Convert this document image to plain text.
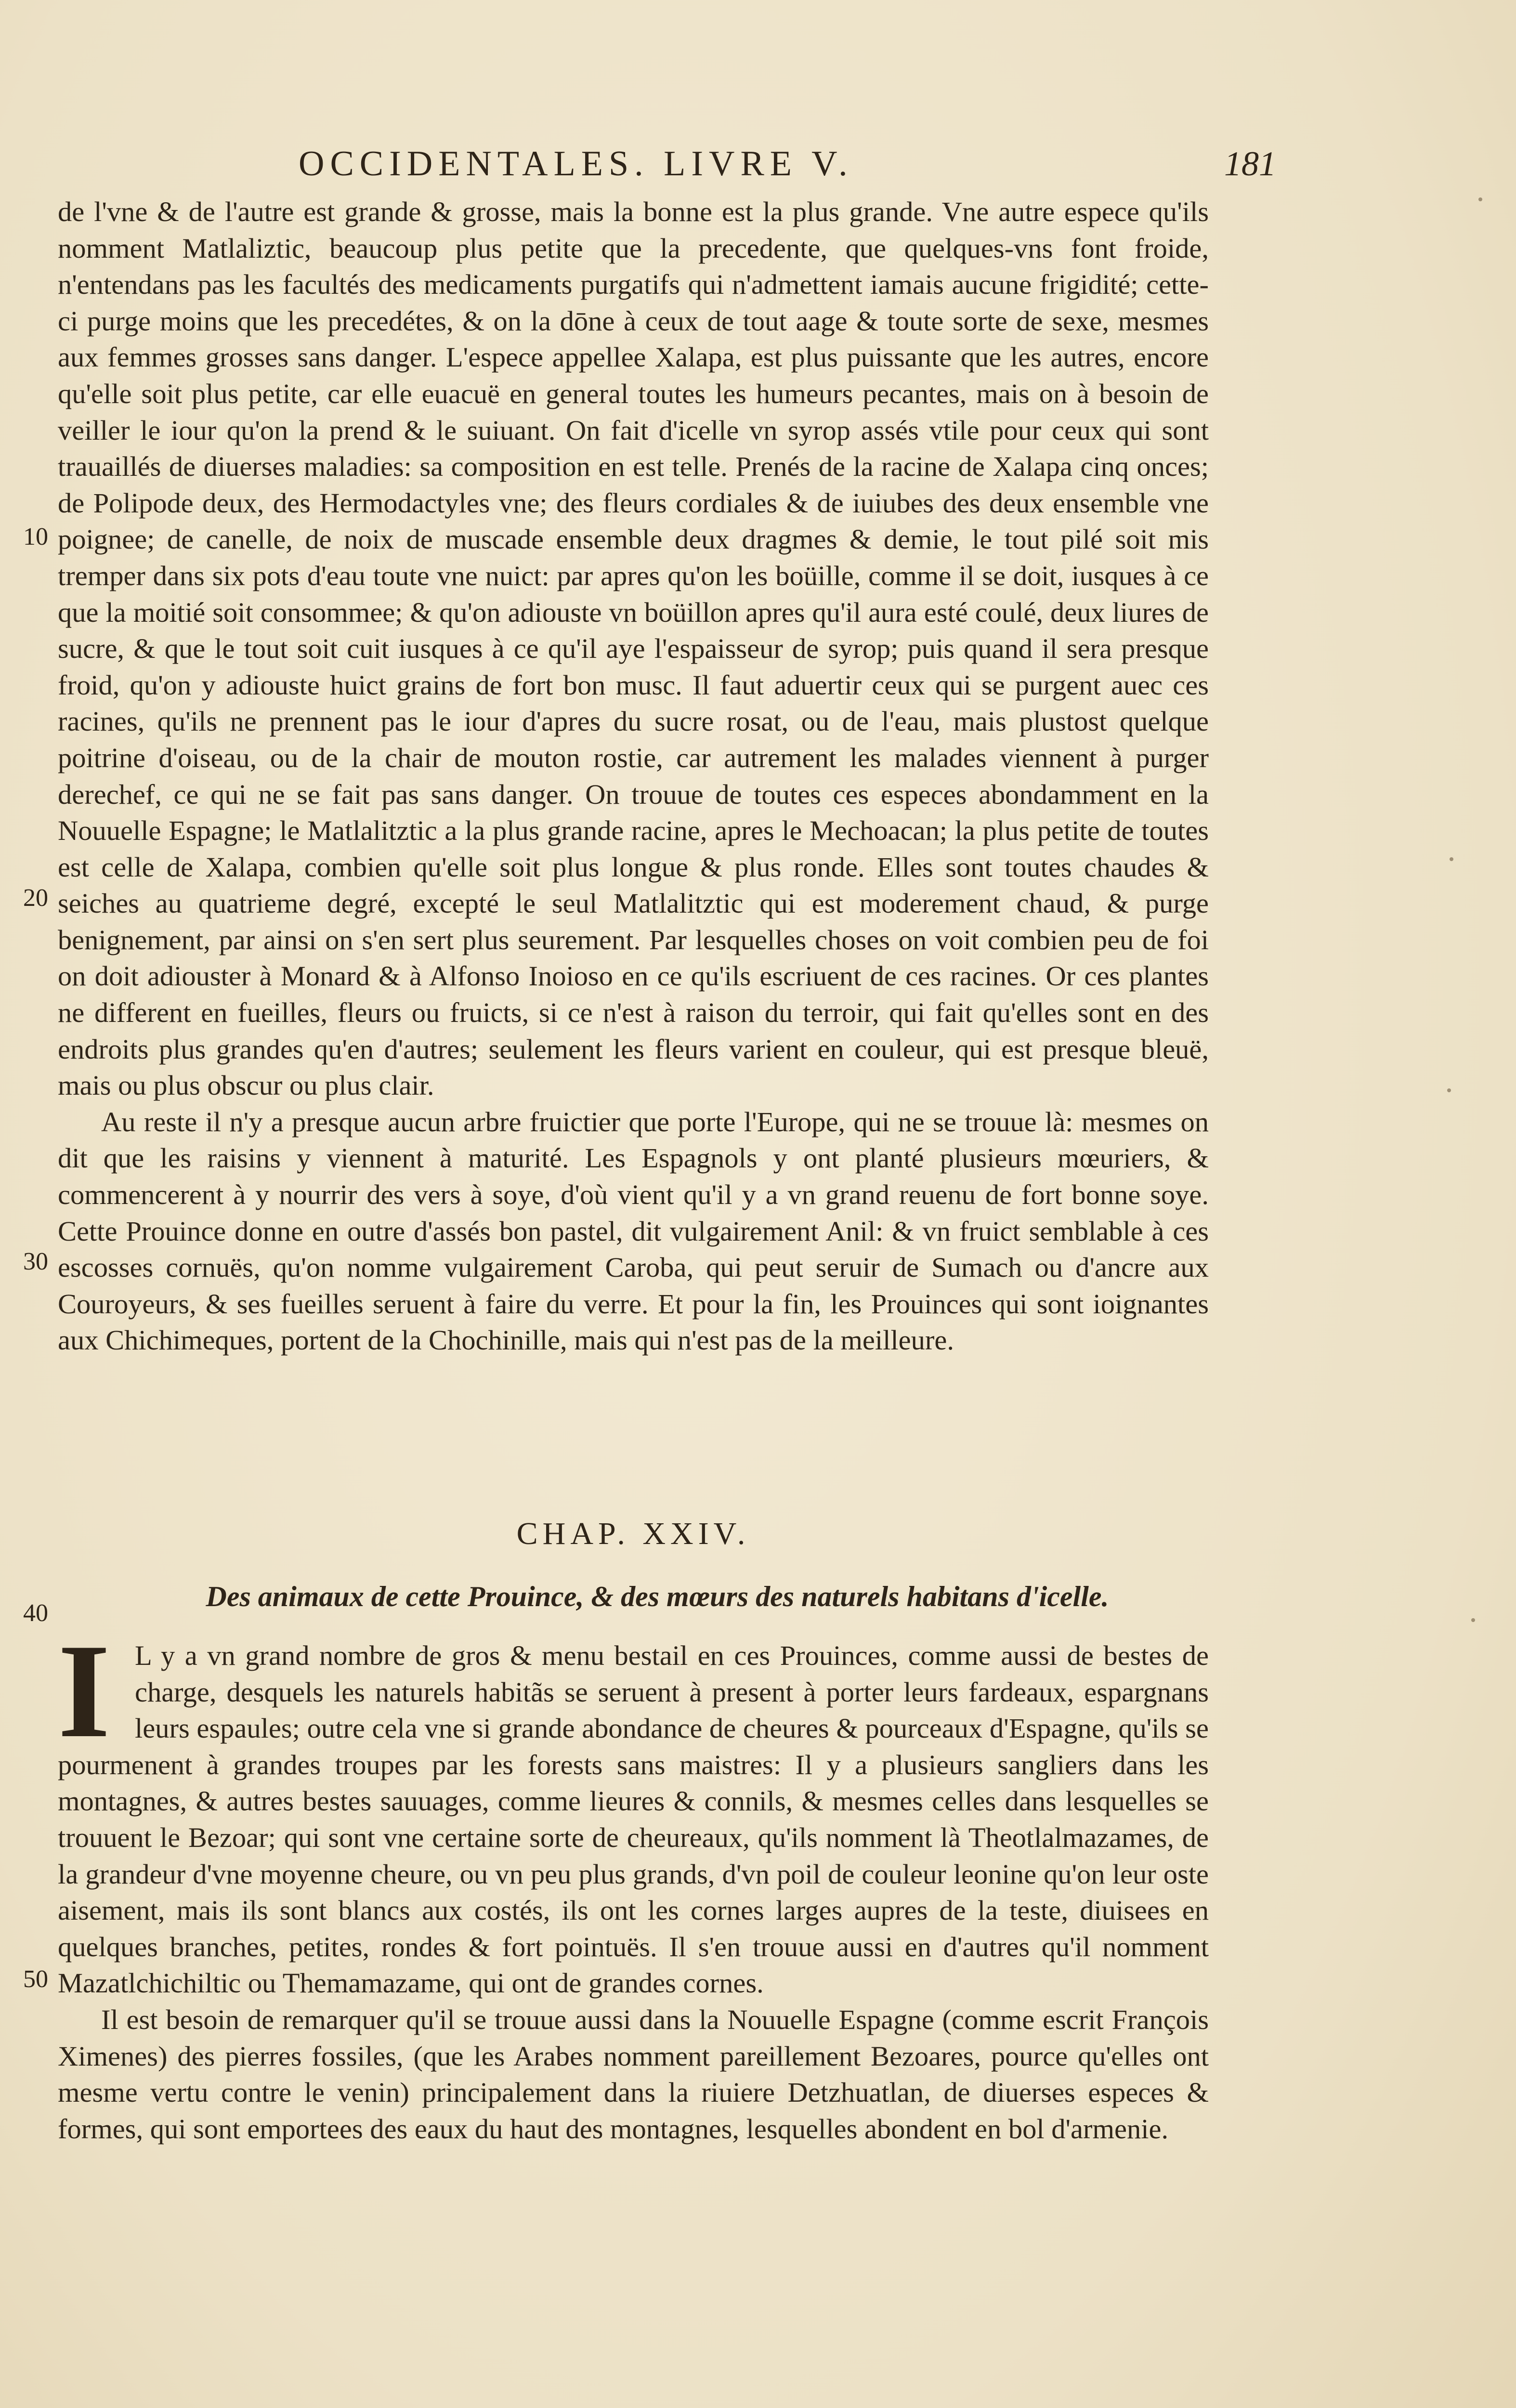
OCCIDENTALES. LIVRE V.	181
10
20
30
40
50

de l'vne & de l'autre est grande & grosse, mais la bonne est la plus grande. Vne autre espece qu'ils nomment Matlaliztic, beaucoup plus petite que la precedente, que quelques-vns font froide, n'entendans pas les facultés des medicaments purgatifs qui n'admettent iamais aucune frigidité; cette-ci purge moins que les precedétes, & on la dōne à ceux de tout aage & toute sorte de sexe, mesmes aux femmes grosses sans danger. L'espece appellee Xalapa, est plus puissante que les autres, encore qu'elle soit plus petite, car elle euacuë en general toutes les humeurs pecantes, mais on à besoin de veiller le iour qu'on la prend & le suiuant. On fait d'icelle vn syrop assés vtile pour ceux qui sont trauaillés de diuerses maladies: sa composition en est telle. Prenés de la racine de Xalapa cinq onces; de Polipode deux, des Hermodactyles vne; des fleurs cordiales & de iuiubes des deux ensemble vne poignee; de canelle, de noix de muscade ensemble deux dragmes & demie, le tout pilé soit mis tremper dans six pots d'eau toute vne nuict: par apres qu'on les boüille, comme il se doit, iusques à ce que la moitié soit consommee; & qu'on adiouste vn boüillon apres qu'il aura esté coulé, deux liures de sucre, & que le tout soit cuit iusques à ce qu'il aye l'espaisseur de syrop; puis quand il sera presque froid, qu'on y adiouste huict grains de fort bon musc. Il faut aduertir ceux qui se purgent auec ces racines, qu'ils ne prennent pas le iour d'apres du sucre rosat, ou de l'eau, mais plustost quelque poitrine d'oiseau, ou de la chair de mouton rostie, car autrement les malades viennent à purger derechef, ce qui ne se fait pas sans danger. On trouue de toutes ces especes abondamment en la Nouuelle Espagne; le Matlalitztic a la plus grande racine, apres le Mechoacan; la plus petite de toutes est celle de Xalapa, combien qu'elle soit plus longue & plus ronde. Elles sont toutes chaudes & seiches au quatrieme degré, excepté le seul Matlalitztic qui est moderement chaud, & purge benignement, par ainsi on s'en sert plus seurement. Par lesquelles choses on voit combien peu de foi on doit adiouster à Monard & à Alfonso Inoioso en ce qu'ils escriuent de ces racines. Or ces plantes ne different en fueilles, fleurs ou fruicts, si ce n'est à raison du terroir, qui fait qu'elles sont en des endroits plus grandes qu'en d'autres; seulement les fleurs varient en couleur, qui est presque bleuë, mais ou plus obscur ou plus clair.

Au reste il n'y a presque aucun arbre fruictier que porte l'Europe, qui ne se trouue là: mesmes on dit que les raisins y viennent à maturité. Les Espagnols y ont planté plusieurs mœuriers, & commencerent à y nourrir des vers à soye, d'où vient qu'il y a vn grand reuenu de fort bonne soye. Cette Prouince donne en outre d'assés bon pastel, dit vulgairement Anil: & vn fruict semblable à ces escosses cornuës, qu'on nomme vulgairement Caroba, qui peut seruir de Sumach ou d'ancre aux Couroyeurs, & ses fueilles seruent à faire du verre. Et pour la fin, les Prouinces qui sont ioignantes aux Chichimeques, portent de la Chochinille, mais qui n'est pas de la meilleure.

CHAP. XXIV.
Des animaux de cette Prouince, & des mœurs des naturels habitans d'icelle.

I L y a vn grand nombre de gros & menu bestail en ces Prouinces, comme aussi de bestes de charge, desquels les naturels habitãs se seruent à present à porter leurs fardeaux, espargnans leurs espaules; outre cela vne si grande abondance de cheures & pourceaux d'Espagne, qu'ils se pourmenent à grandes troupes par les forests sans maistres: Il y a plusieurs sangliers dans les montagnes, & autres bestes sauuages, comme lieures & connils, & mesmes celles dans lesquelles se trouuent le Bezoar; qui sont vne certaine sorte de cheureaux, qu'ils nomment là Theotlalmazames, de la grandeur d'vne moyenne cheure, ou vn peu plus grands, d'vn poil de couleur leonine qu'on leur oste aisement, mais ils sont blancs aux costés, ils ont les cornes larges aupres de la teste, diuisees en quelques branches, petites, rondes & fort pointuës. Il s'en trouue aussi en d'autres qu'il nomment Mazatlchichiltic ou Themamazame, qui ont de grandes cornes.

Il est besoin de remarquer qu'il se trouue aussi dans la Nouuelle Espagne (comme escrit François Ximenes) des pierres fossiles, (que les Arabes nomment pareillement Bezoares, pource qu'elles ont mesme vertu contre le venin) principalement dans la riuiere Detzhuatlan, de diuerses especes & formes, qui sont emportees des eaux du haut des montagnes, lesquelles abondent en bol d'armenie.
